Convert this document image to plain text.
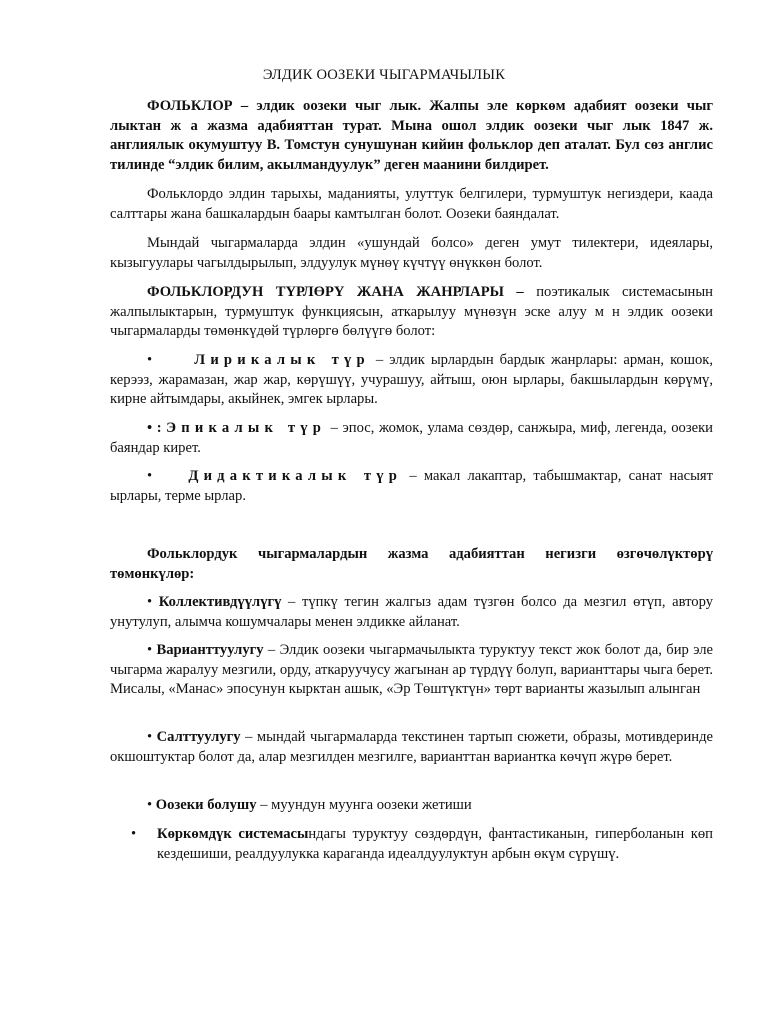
ЭЛДИК ООЗЕКИ ЧЫГАРМАЧЫЛЫК

ФОЛЬКЛОР – элдик оозеки чыг лык. Жалпы эле көркөм адабият оозеки чыг лыктан ж а жазма адабияттан турат. Мына ошол элдик оозеки чыг лык 1847 ж. англиялык окумуштуу В. Томстун сунушунан кийин фольклор деп аталат. Бул сөз англис тилинде “элдик билим, акылмандуулук” деген маанини билдирет.

Фольклордо элдин тарыхы, маданияты, улуттук белгилери, турмуштук негиздери, каада салттары жана башкалардын баары камтылган болот. Оозеки баяндалат.

Мындай чыгармаларда элдин «ушундай болсо» деген умут тилектери, идеялары, кызыгуулары чагылдырылып, элдуулук мүнөү күчтүү өнүккөн болот.

ФОЛЬКЛОРДУН ТҮРЛӨРҮ ЖАНА ЖАНРЛАРЫ – поэтикалык системасынын жалпылыктарын, турмуштук функциясын, аткарылуу мүнөзүн эске алуу м н элдик оозеки чыгармаларды төмөнкүдөй түрлөргө бөлүүгө болот:

•	Лирикалык түр – элдик ырлардын бардык жанрлары: арман, кошок, керээз, жарамазан, жар жар, көрүшүү, учурашуу, айтыш, оюн ырлары, бакшылардын көрүмү, кирне айтымдары, акыйнек, эмгек ырлары.

• : Эпикалык түр – эпос, жомок, улама сөздөр, санжыра, миф, легенда, оозеки баяндар кирет.

• Дидактикалык түр – макал лакаптар, табышмактар, санат насыят ырлары, терме ырлар.

Фольклордук чыгармалардын жазма адабияттан негизги өзгөчөлүктөрү төмөнкүлөр:

• Коллективдүүлүгү – түпкү тегин жалгыз адам түзгөн болсо да мезгил өтүп, автору унутулуп, алымча кошумчалары менен элдикке айланат.

• Варианттуулугу – Элдик оозеки чыгармачылыкта туруктуу текст жок болот да, бир эле чыгарма жаралуу мезгили, орду, аткаруучусу жагынан ар түрдүү болуп, варианттары чыга берет. Мисалы, «Манас» эпосунун кырктан ашык, «Эр Төштүктүн» төрт варианты жазылып алынган

• Салттуулугу – мындай чыгармаларда текстинен тартып сюжети, образы, мотивдеринде окшоштуктар болот да, алар мезгилден мезгилге, варианттан вариантка көчүп жүрө берет.

• Оозеки болушу – муундун муунга оозеки жетиши

• Көркөмдүк системасындагы туруктуу сөздөрдүн, фантастиканын, гиперболанын көп кездешиши, реалдуулукка караганда идеалдуулуктун арбын өкүм сүрүшү.
